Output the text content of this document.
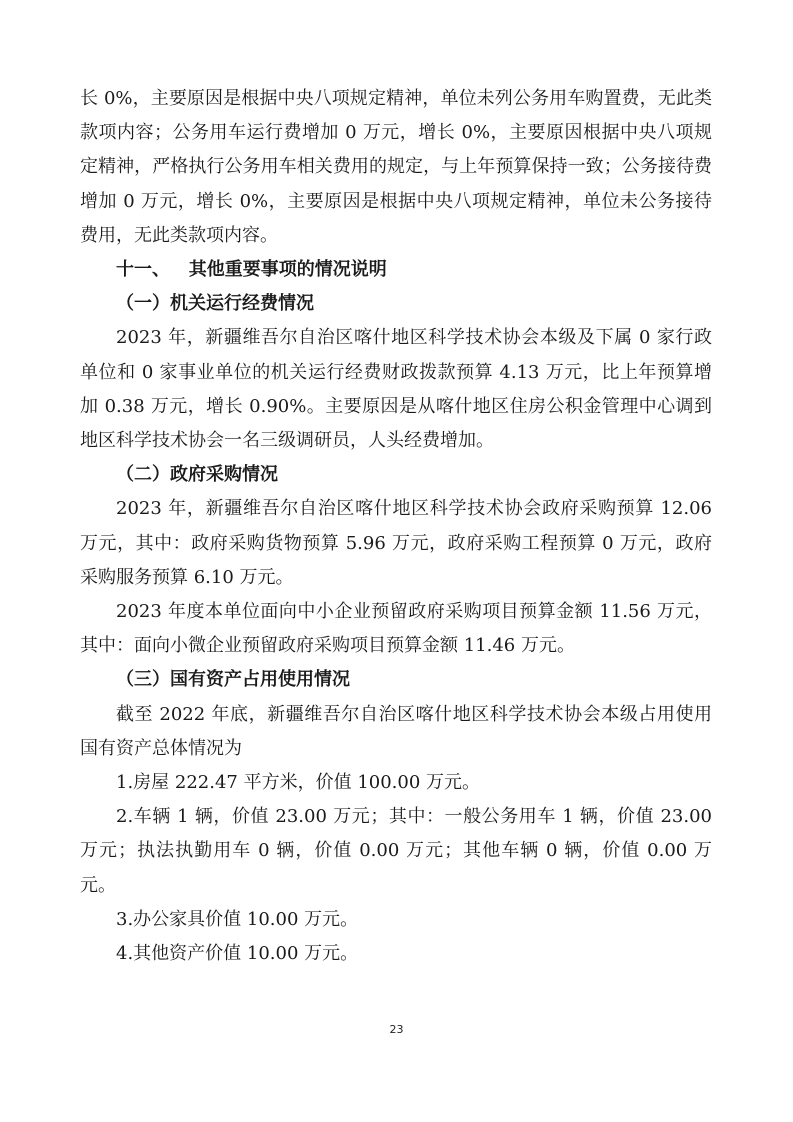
长 0%，主要原因是根据中央八项规定精神，单位未列公务用车购置费，无此类款项内容；公务用车运行费增加 0 万元，增长 0%，主要原因根据中央八项规定精神，严格执行公务用车相关费用的规定，与上年预算保持一致；公务接待费增加 0 万元，增长 0%，主要原因是根据中央八项规定精神，单位未公务接待费用，无此类款项内容。

十一、   其他重要事项的情况说明

（一）机关运行经费情况

2023 年，新疆维吾尔自治区喀什地区科学技术协会本级及下属 0 家行政单位和 0 家事业单位的机关运行经费财政拨款预算 4.13 万元，比上年预算增加 0.38 万元，增长 0.90%。主要原因是从喀什地区住房公积金管理中心调到地区科学技术协会一名三级调研员，人头经费增加。

（二）政府采购情况

2023 年，新疆维吾尔自治区喀什地区科学技术协会政府采购预算 12.06 万元，其中：政府采购货物预算 5.96 万元，政府采购工程预算 0 万元，政府采购服务预算 6.10 万元。

2023 年度本单位面向中小企业预留政府采购项目预算金额 11.56 万元，其中：面向小微企业预留政府采购项目预算金额 11.46 万元。

（三）国有资产占用使用情况

截至 2022 年底，新疆维吾尔自治区喀什地区科学技术协会本级占用使用国有资产总体情况为

1.房屋 222.47 平方米，价值 100.00 万元。

2.车辆 1 辆，价值 23.00 万元；其中：一般公务用车 1 辆，价值 23.00 万元；执法执勤用车 0 辆，价值 0.00 万元；其他车辆 0 辆，价值 0.00 万元。

3.办公家具价值 10.00 万元。

4.其他资产价值 10.00 万元。

23
